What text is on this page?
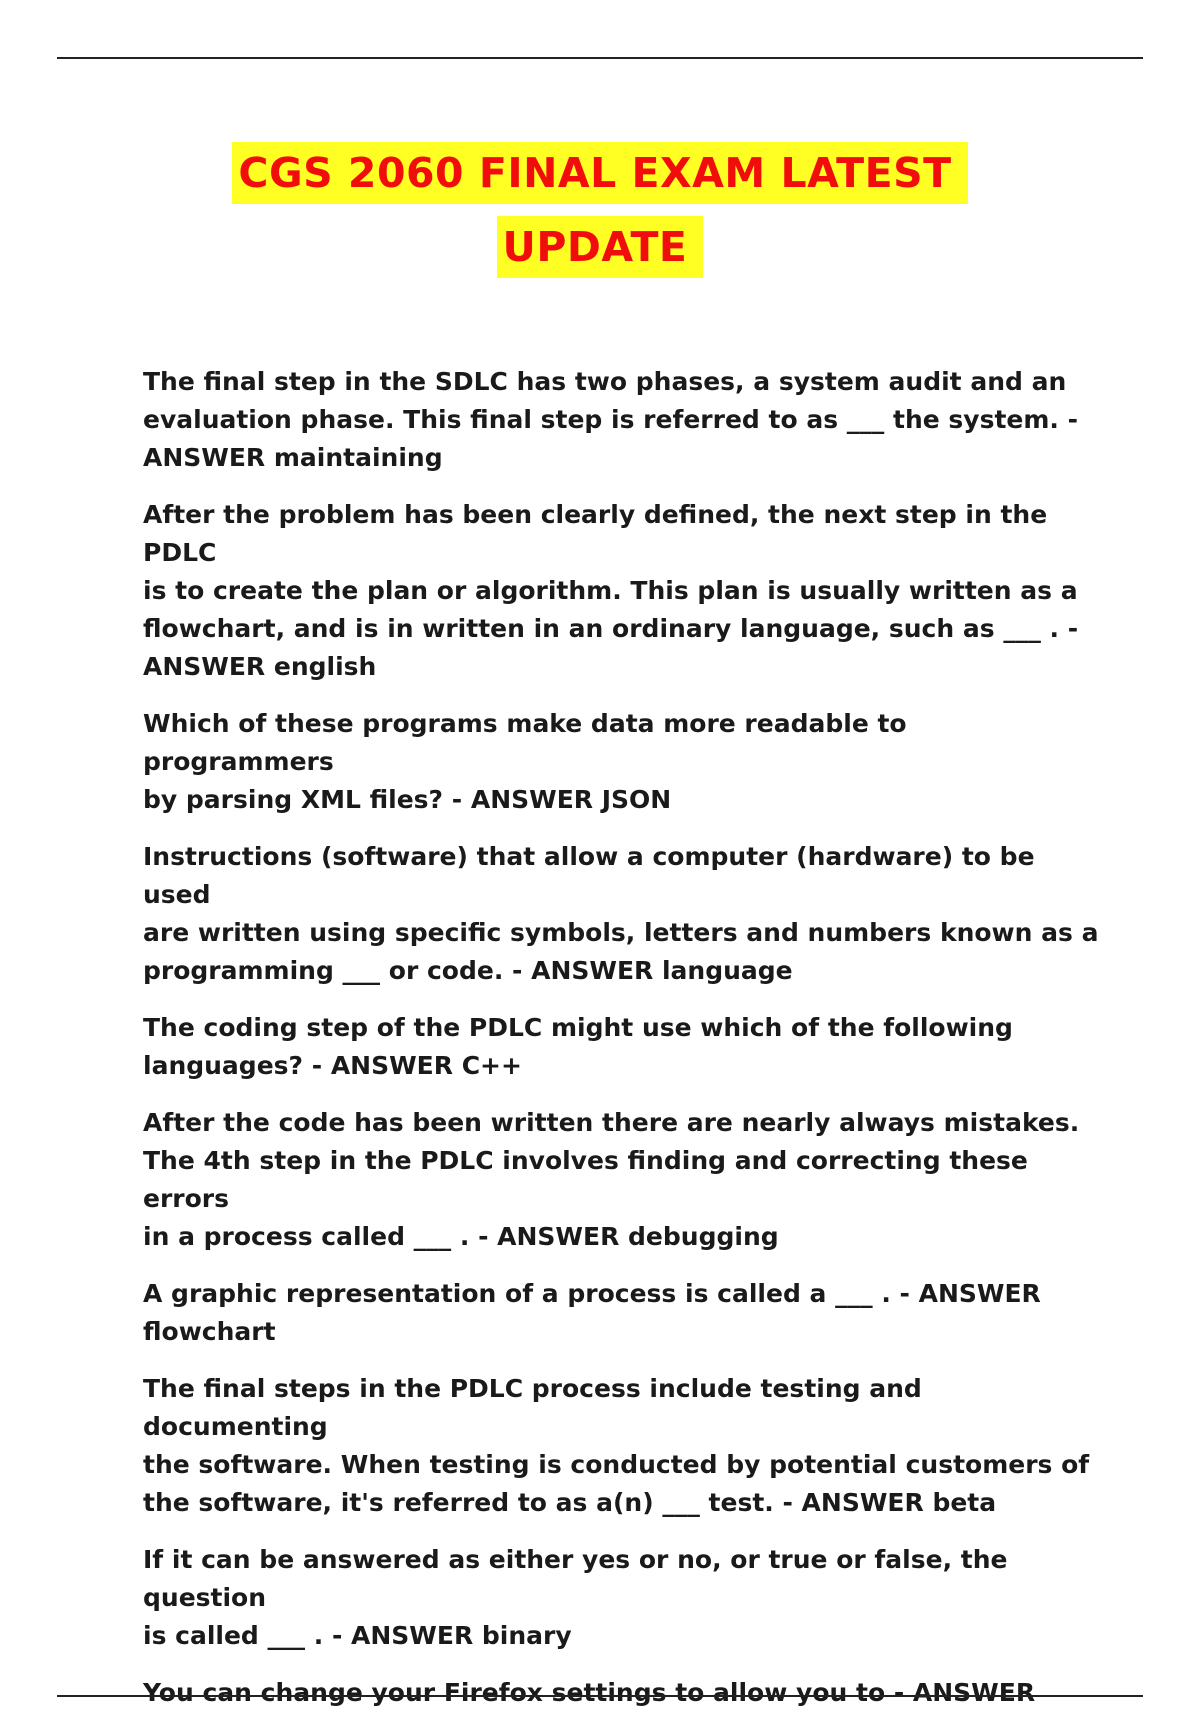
CGS 2060 FINAL EXAM LATEST
UPDATE

The final step in the SDLC has two phases, a system audit and an
evaluation phase. This final step is referred to as ___ the system. -
ANSWER maintaining

After the problem has been clearly defined, the next step in the PDLC
is to create the plan or algorithm. This plan is usually written as a
flowchart, and is in written in an ordinary language, such as ___ . -
ANSWER english

Which of these programs make data more readable to programmers
by parsing XML files? - ANSWER JSON

Instructions (software) that allow a computer (hardware) to be used
are written using specific symbols, letters and numbers known as a
programming ___ or code. - ANSWER language

The coding step of the PDLC might use which of the following
languages? - ANSWER C++

After the code has been written there are nearly always mistakes.
The 4th step in the PDLC involves finding and correcting these errors
in a process called ___ . - ANSWER debugging

A graphic representation of a process is called a ___ . - ANSWER
flowchart

The final steps in the PDLC process include testing and documenting
the software. When testing is conducted by potential customers of
the software, it's referred to as a(n) ___ test. - ANSWER beta

If it can be answered as either yes or no, or true or false, the question
is called ___ . - ANSWER binary

You can change your Firefox settings to allow you to - ANSWER
